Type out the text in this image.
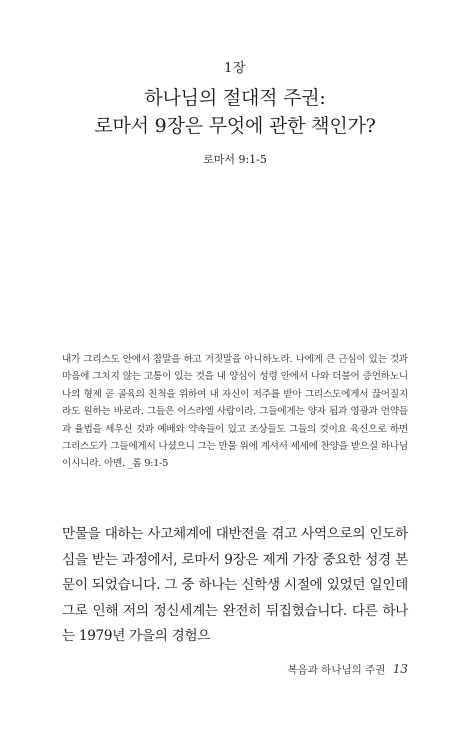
1장
하나님의 절대적 주권:
로마서 9장은 무엇에 관한 책인가?
로마서 9:1-5
내가 그리스도 안에서 참말을 하고 거짓말을 아니하노라. 나에게 큰 근심이 있는 것과 마음에 그치지 않는 고통이 있는 것을 내 양심이 성령 안에서 나와 더불어 증언하노니 나의 형제 곧 골육의 친척을 위하여 내 자신이 저주를 받아 그리스도에게서 끊어질지라도 원하는 바로라. 그들은 이스라엘 사람이라. 그들에게는 양자 됨과 영광과 언약들과 율법을 세우신 것과 예배와 약속들이 있고 조상들도 그들의 것이요 육신으로 하면 그리스도가 그들에게서 나셨으니 그는 만물 위에 계셔서 세세에 찬양을 받으실 하나님이시니라. 아멘. _롬 9:1-5
만물을 대하는 사고체계에 대반전을 겪고 사역으로의 인도하심을 받는 과정에서, 로마서 9장은 제게 가장 중요한 성경 본문이 되었습니다. 그 중 하나는 신학생 시절에 있었던 일인데 그로 인해 저의 정신세계는 완전히 뒤집혔습니다. 다른 하나는 1979년 가을의 경험으
복음과 하나님의 주권 13
